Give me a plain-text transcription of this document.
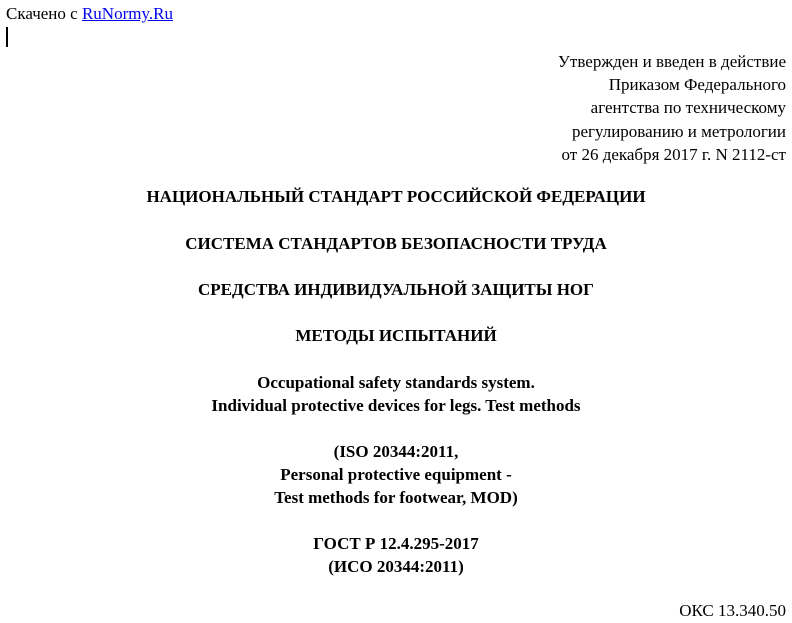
Скачено с RuNormy.Ru
Утвержден и введен в действие
Приказом Федерального
агентства по техническому
регулированию и метрологии
от 26 декабря 2017 г. N 2112-ст
НАЦИОНАЛЬНЫЙ СТАНДАРТ РОССИЙСКОЙ ФЕДЕРАЦИИ
СИСТЕМА СТАНДАРТОВ БЕЗОПАСНОСТИ ТРУДА
СРЕДСТВА ИНДИВИДУАЛЬНОЙ ЗАЩИТЫ НОГ
МЕТОДЫ ИСПЫТАНИЙ
Occupational safety standards system.
Individual protective devices for legs. Test methods
(ISO 20344:2011,
Personal protective equipment -
Test methods for footwear, MOD)
ГОСТ Р 12.4.295-2017
(ИСО 20344:2011)
ОКС 13.340.50
